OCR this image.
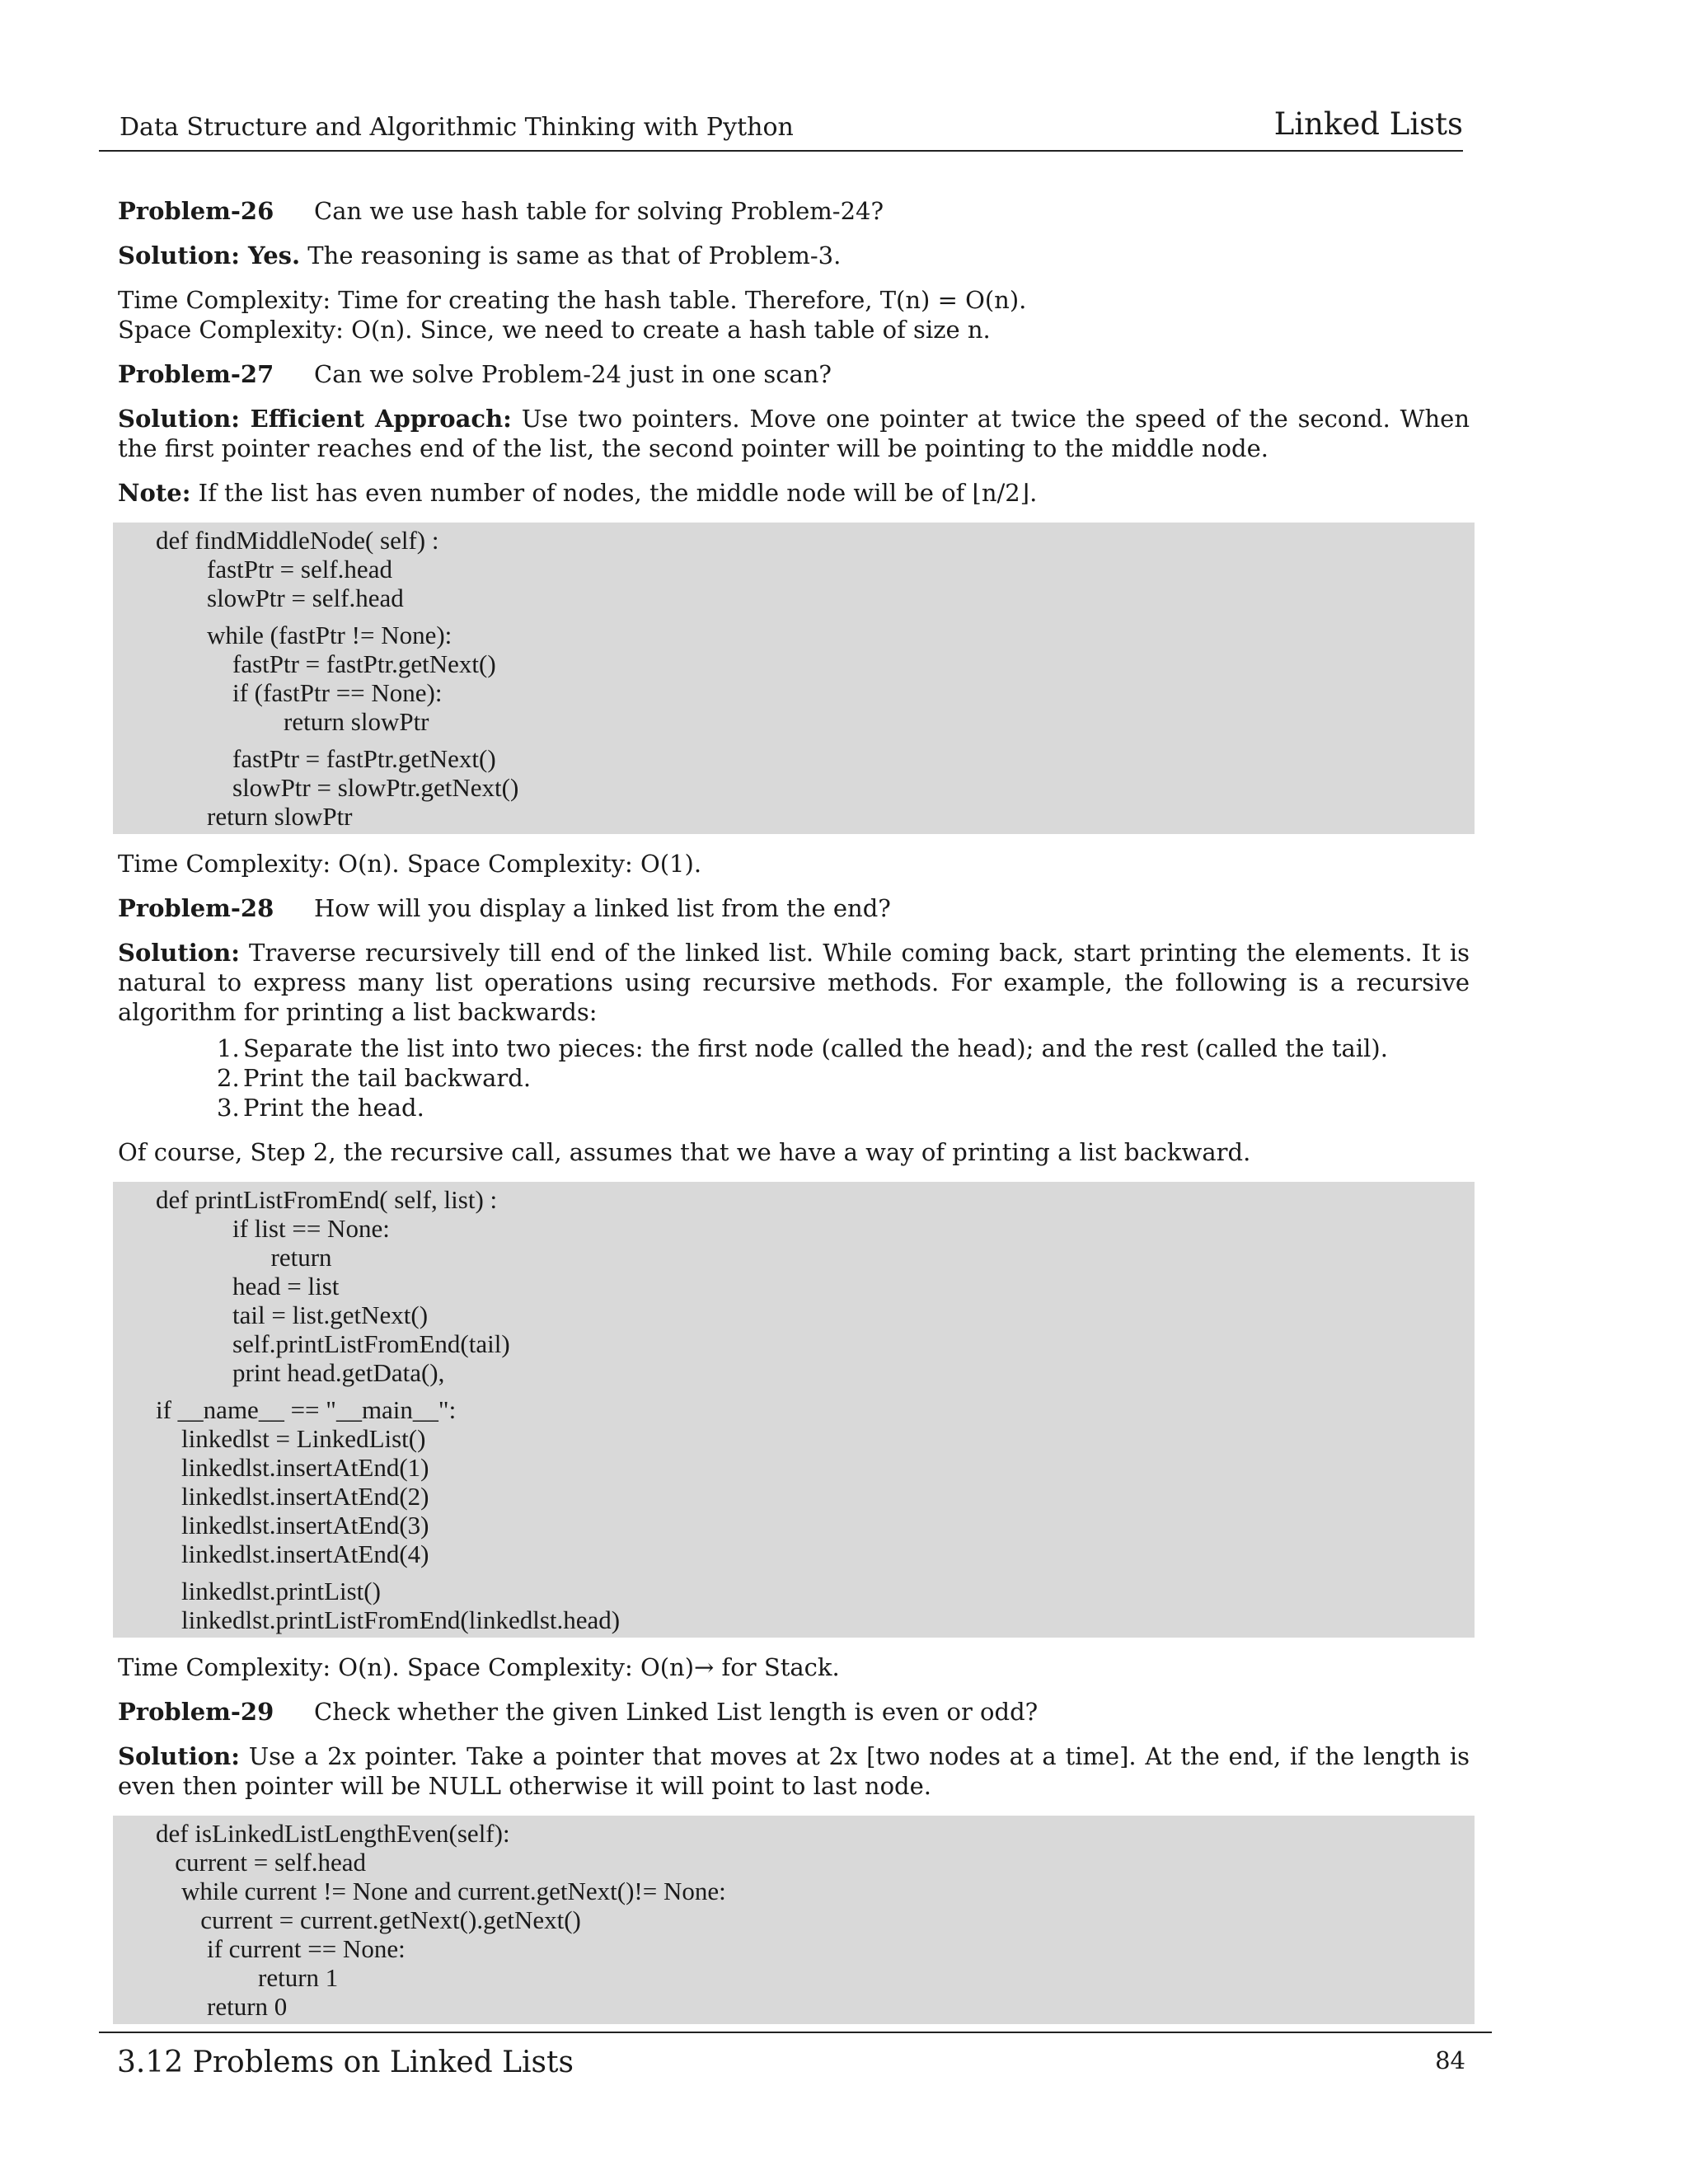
Data Structure and Algorithmic Thinking with Python	Linked Lists
Problem-26	Can we use hash table for solving Problem-24?
Solution: Yes. The reasoning is same as that of Problem-3.
Time Complexity: Time for creating the hash table. Therefore, T(n) = O(n).
Space Complexity: O(n). Since, we need to create a hash table of size n.
Problem-27	Can we solve Problem-24 just in one scan?
Solution: Efficient Approach: Use two pointers. Move one pointer at twice the speed of the second. When the first pointer reaches end of the list, the second pointer will be pointing to the middle node.
Note: If the list has even number of nodes, the middle node will be of ⌊n/2⌋.
def findMiddleNode( self) :
fastPtr = self.head
slowPtr = self.head
while (fastPtr != None):
fastPtr = fastPtr.getNext()
if (fastPtr == None):
return slowPtr
fastPtr = fastPtr.getNext()
slowPtr = slowPtr.getNext()
return slowPtr
Time Complexity: O(n). Space Complexity: O(1).
Problem-28	How will you display a linked list from the end?
Solution: Traverse recursively till end of the linked list. While coming back, start printing the elements. It is natural to express many list operations using recursive methods. For example, the following is a recursive algorithm for printing a list backwards:
1. Separate the list into two pieces: the first node (called the head); and the rest (called the tail).
2. Print the tail backward.
3. Print the head.
Of course, Step 2, the recursive call, assumes that we have a way of printing a list backward.
def printListFromEnd( self, list) :
if list == None:
return
head = list
tail = list.getNext()
self.printListFromEnd(tail)
print head.getData(),
if __name__ == "__main__":
linkedlst = LinkedList()
linkedlst.insertAtEnd(1)
linkedlst.insertAtEnd(2)
linkedlst.insertAtEnd(3)
linkedlst.insertAtEnd(4)
linkedlst.printList()
linkedlst.printListFromEnd(linkedlst.head)
Time Complexity: O(n). Space Complexity: O(n)→ for Stack.
Problem-29	Check whether the given Linked List length is even or odd?
Solution: Use a 2x pointer. Take a pointer that moves at 2x [two nodes at a time]. At the end, if the length is even then pointer will be NULL otherwise it will point to last node.
def isLinkedListLengthEven(self):
current = self.head
while current != None and current.getNext()!= None:
current = current.getNext().getNext()
if current == None:
return 1
return 0
3.12 Problems on Linked Lists	84
